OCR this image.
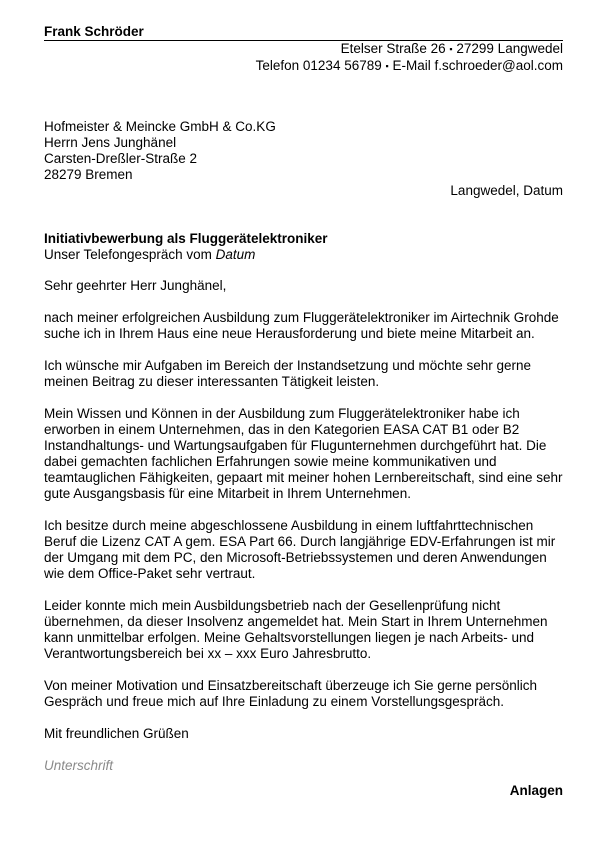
Frank Schröder
Etelser Straße 26 ▪ 27299 Langwedel
Telefon 01234 56789 ▪ E-Mail f.schroeder@aol.com
Hofmeister & Meincke GmbH & Co.KG
Herrn Jens Junghänel
Carsten-Dreßler-Straße 2
28279 Bremen
Langwedel, Datum
Initiativbewerbung als Fluggerätelektroniker
Unser Telefongespräch vom Datum

Sehr geehrter Herr Junghänel,

nach meiner erfolgreichen Ausbildung zum Fluggerätelektroniker im Airtechnik Grohde suche ich in Ihrem Haus eine neue Herausforderung und biete meine Mitarbeit an.

Ich wünsche mir Aufgaben im Bereich der Instandsetzung und möchte sehr gerne meinen Beitrag zu dieser interessanten Tätigkeit leisten.

Mein Wissen und Können in der Ausbildung zum Fluggerätelektroniker habe ich erworben in einem Unternehmen, das in den Kategorien EASA CAT B1 oder B2 Instandhaltungs- und Wartungsaufgaben für Flugunternehmen durchgeführt hat. Die dabei gemachten fachlichen Erfahrungen sowie meine kommunikativen und teamtauglichen Fähigkeiten, gepaart mit meiner hohen Lernbereitschaft, sind eine sehr gute Ausgangsbasis für eine Mitarbeit in Ihrem Unternehmen.

Ich besitze durch meine abgeschlossene Ausbildung in einem luftfahrttechnischen Beruf die Lizenz CAT A gem. ESA Part 66. Durch langjährige EDV-Erfahrungen ist mir der Umgang mit dem PC, den Microsoft-Betriebssystemen und deren Anwendungen wie dem Office-Paket sehr vertraut.

Leider konnte mich mein Ausbildungsbetrieb nach der Gesellenprüfung nicht übernehmen, da dieser Insolvenz angemeldet hat. Mein Start in Ihrem Unternehmen kann unmittelbar erfolgen. Meine Gehaltsvorstellungen liegen je nach Arbeits- und Verantwortungsbereich bei xx – xxx Euro Jahresbrutto.

Von meiner Motivation und Einsatzbereitschaft überzeuge ich Sie gerne persönlich Gespräch und freue mich auf Ihre Einladung zu einem Vorstellungsgespräch.

Mit freundlichen Grüßen

Unterschrift

Anlagen
